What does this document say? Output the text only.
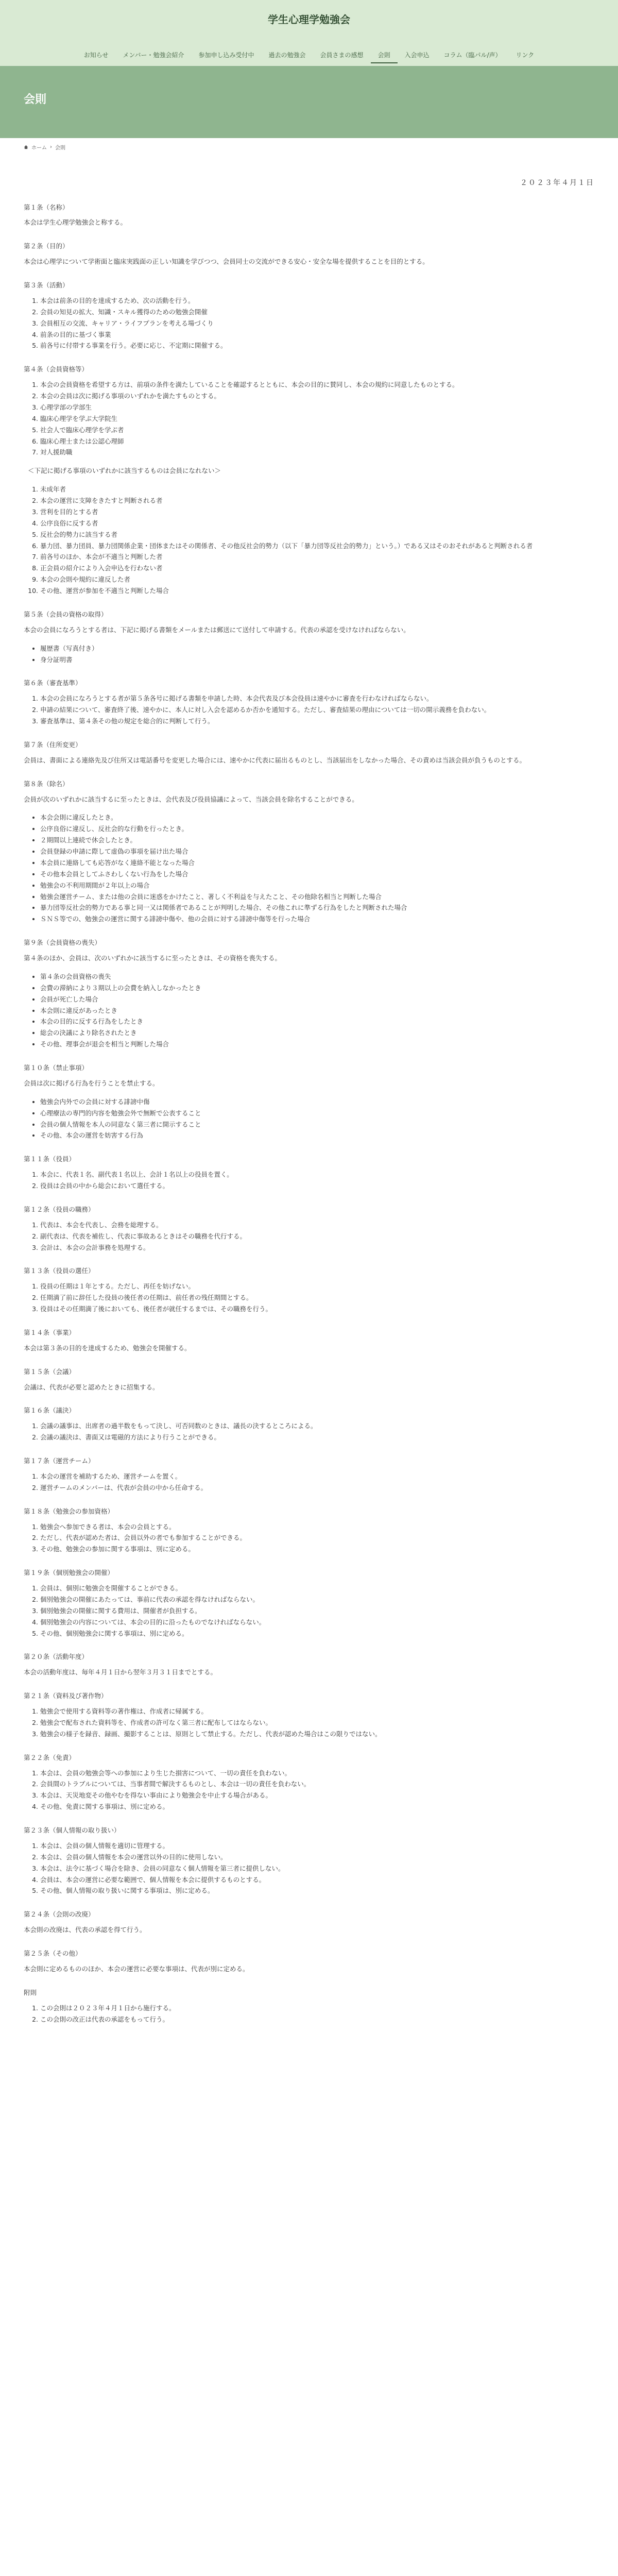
学生心理学勉強会
お知らせ	メンバー・勉強会紹介	参加申し込み受付中	過去の勉強会	会員さまの感想	会則	入会申込	コラム（臨パル/声）	リンク
会則
ホーム › 会則
２０２３年４月１日
第１条（名称）

本会は学生心理学勉強会と称する。

第２条（目的）

本会は心理学について学術面と臨床実践面の正しい知識を学びつつ、会員同士の交流ができる安心・安全な場を提供することを目的とする。

第３条（活動）
1. 本会は前条の目的を達成するため、次の活動を行う。
2. 会員の知見の拡大、知識・スキル獲得のための勉強会開催
3. 会員相互の交流、キャリア・ライフプランを考える場づくり
4. 前条の目的に基づく事業
5. 前各号に付帯する事業を行う。必要に応じ、不定期に開催する。
第４条（会員資格等）
1. 本会の会員資格を希望する方は、前項の条件を満たしていることを確認するとともに、本会の目的に賛同し、本会の規約に同意したものとする。
2. 本会の会員は次に掲げる事項のいずれかを満たすものとする。
3. 心理学部の学部生
4. 臨床心理学を学ぶ大学院生
5. 社会人で臨床心理学を学ぶ者
6. 臨床心理士または公認心理師
7. 対人援助職

＜下記に掲げる事項のいずれかに該当するものは会員になれない＞

1. 未成年者
2. 本会の運営に支障をきたすと判断される者
3. 営利を目的とする者
4. 公序良俗に反する者
5. 反社会的勢力に該当する者
6. 暴力団、暴力団員、暴力団関係企業・団体またはその関係者、その他反社会的勢力（以下「暴力団等反社会的勢力」という。）である又はそのおそれがあると判断される者
7. 前各号のほか、本会が不適当と判断した者
8. 正会員の紹介により入会申込を行わない者
9. 本会の会則や規約に違反した者
10. その他、運営が参加を不適当と判断した場合
第５条（会員の資格の取得）

本会の会員になろうとする者は、下記に掲げる書類をメールまたは郵送にて送付して申請する。代表の承認を受けなければならない。

• 履歴書（写真付き）
• 身分証明書
第６条（審査基準）
1. 本会の会員になろうとする者が第５条各号に掲げる書類を申請した時、本会代表及び本会役員は速やかに審査を行わなければならない。
2. 申請の結果について、審査終了後、速やかに、本人に対し入会を認めるか否かを通知する。ただし、審査結果の理由については一切の開示義務を負わない。
3. 審査基準は、第４条その他の規定を総合的に判断して行う。
第７条（住所変更）

会員は、書面による連絡先及び住所又は電話番号を変更した場合には、速やかに代表に届出るものとし、当該届出をしなかった場合、その責めは当該会員が負うものとする。

第８条（除名）

会員が次のいずれかに該当するに至ったときは、会代表及び役員協議によって、当該会員を除名することができる。

• 本会会則に違反したとき。
• 公序良俗に違反し、反社会的な行動を行ったとき。
• ２期間以上連続で休会したとき。
• 会員登録の申請に際して虚偽の事項を届け出た場合
• 本会員に連絡しても応答がなく連絡不能となった場合
• その他本会員としてふさわしくない行為をした場合
• 勉強会の不利用期間が２年以上の場合
• 勉強会運営チーム、または他の会員に迷惑をかけたこと、著しく不利益を与えたこと、その他除名相当と判断した場合
• 暴力団等反社会的勢力である事と同一又は関係者であることが判明した場合、その他これに準ずる行為をしたと判断された場合
• ＳＮＳ等での、勉強会の運営に関する誹謗中傷や、他の会員に対する誹謗中傷等を行った場合
第９条（会員資格の喪失）

第４条のほか、会員は、次のいずれかに該当するに至ったときは、その資格を喪失する。

• 第４条の会員資格の喪失
• 会費の滞納により３期以上の会費を納入しなかったとき
• 会員が死亡した場合
• 本会則に違反があったとき
• 本会の目的に反する行為をしたとき
• 総会の決議により除名されたとき
• その他、理事会が退会を相当と判断した場合
第１０条（禁止事項）

会員は次に掲げる行為を行うことを禁止する。

• 勉強会内外での会員に対する誹謗中傷
• 心理療法の専門的内容を勉強会外で無断で公表すること
• 会員の個人情報を本人の同意なく第三者に開示すること
• その他、本会の運営を妨害する行為
第１１条（役員）
1. 本会に、代表１名、副代表１名以上、会計１名以上の役員を置く。
2. 役員は会員の中から総会において選任する。
第１２条（役員の職務）
1. 代表は、本会を代表し、会務を総理する。
2. 副代表は、代表を補佐し、代表に事故あるときはその職務を代行する。
3. 会計は、本会の会計事務を処理する。
第１３条（役員の選任）
1. 役員の任期は１年とする。ただし、再任を妨げない。
2. 任期満了前に辞任した役員の後任者の任期は、前任者の残任期間とする。
3. 役員はその任期満了後においても、後任者が就任するまでは、その職務を行う。
第１４条（事業）

本会は第３条の目的を達成するため、勉強会を開催する。

第１５条（会議）

会議は、代表が必要と認めたときに招集する。

第１６条（議決）
1. 会議の議事は、出席者の過半数をもって決し、可否同数のときは、議長の決するところによる。
2. 会議の議決は、書面又は電磁的方法により行うことができる。
第１７条（運営チーム）
1. 本会の運営を補助するため、運営チームを置く。
2. 運営チームのメンバーは、代表が会員の中から任命する。
第１８条（勉強会の参加資格）
1. 勉強会へ参加できる者は、本会の会員とする。
2. ただし、代表が認めた者は、会員以外の者でも参加することができる。
3. その他、勉強会の参加に関する事項は、別に定める。
第１９条（個別勉強会の開催）
1. 会員は、個別に勉強会を開催することができる。
2. 個別勉強会の開催にあたっては、事前に代表の承認を得なければならない。
3. 個別勉強会の開催に関する費用は、開催者が負担する。
4. 個別勉強会の内容については、本会の目的に沿ったものでなければならない。
5. その他、個別勉強会に関する事項は、別に定める。
第２０条（活動年度）

本会の活動年度は、毎年４月１日から翌年３月３１日までとする。

第２１条（資料及び著作物）
1. 勉強会で使用する資料等の著作権は、作成者に帰属する。
2. 勉強会で配布された資料等を、作成者の許可なく第三者に配布してはならない。
3. 勉強会の様子を録音、録画、撮影することは、原則として禁止する。ただし、代表が認めた場合はこの限りではない。
第２２条（免責）
1. 本会は、会員の勉強会等への参加により生じた損害について、一切の責任を負わない。
2. 会員間のトラブルについては、当事者間で解決するものとし、本会は一切の責任を負わない。
3. 本会は、天災地変その他やむを得ない事由により勉強会を中止する場合がある。
4. その他、免責に関する事項は、別に定める。
第２３条（個人情報の取り扱い）
1. 本会は、会員の個人情報を適切に管理する。
2. 本会は、会員の個人情報を本会の運営以外の目的に使用しない。
3. 本会は、法令に基づく場合を除き、会員の同意なく個人情報を第三者に提供しない。
4. 会員は、本会の運営に必要な範囲で、個人情報を本会に提供するものとする。
5. その他、個人情報の取り扱いに関する事項は、別に定める。
第２４条（会則の改廃）

本会則の改廃は、代表の承認を得て行う。

第２５条（その他）

本会則に定めるもののほか、本会の運営に必要な事項は、代表が別に定める。

附則
1. この会則は２０２３年４月１日から施行する。
2. この会則の改正は代表の承認をもって行う。
